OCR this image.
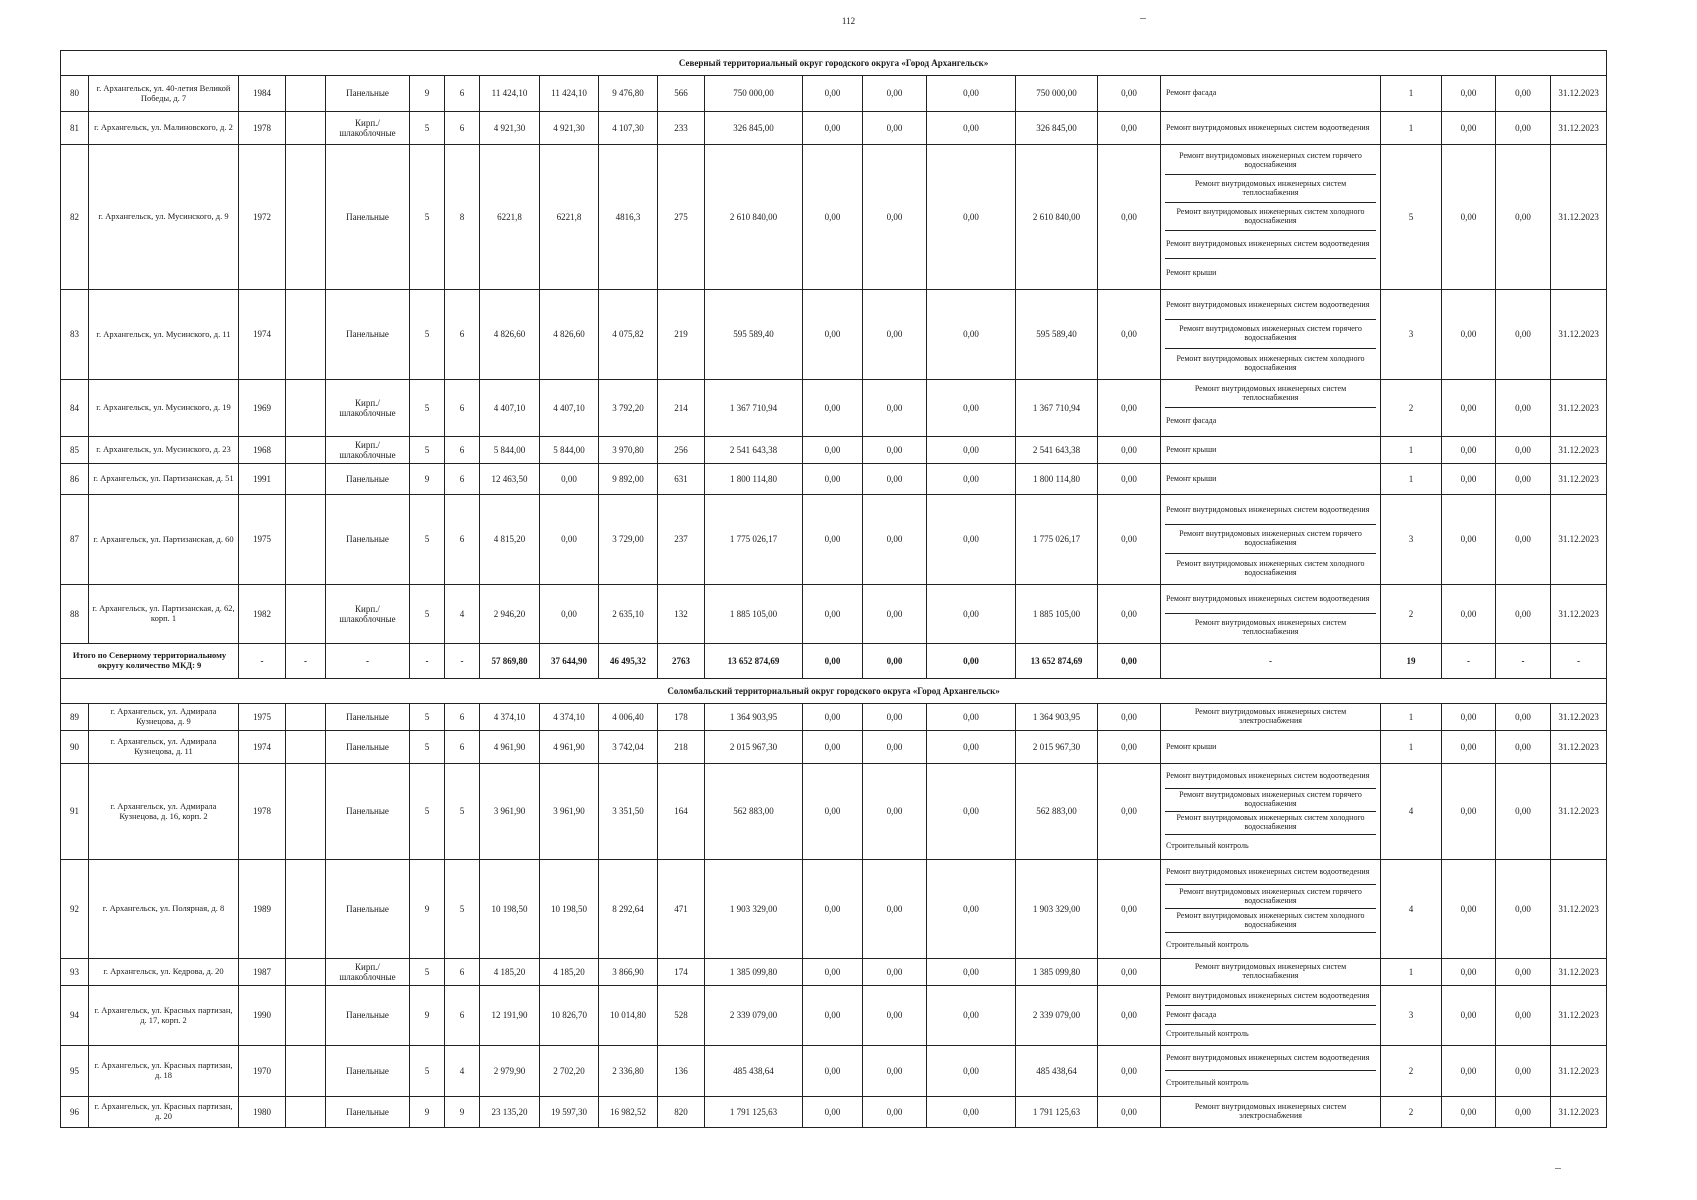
112
Северный территориальный округ городского округа «Город Архангельск»																					
80	г. Архангельск, ул. 40-летия Великой Победы, д. 7	1984		Панельные	9	6	11 424,10	11 424,10	9 476,80	566	750 000,00	0,00	0,00	0,00	750 000,00	0,00	Ремонт фасада	1	0,00	0,00	31.12.2023
81	г. Архангельск, ул. Малиновского, д. 2	1978		Кирп./ шлакоблочные	5	6	4 921,30	4 921,30	4 107,30	233	326 845,00	0,00	0,00	0,00	326 845,00	0,00	Ремонт внутридомовых инженерных систем водоотведения	1	0,00	0,00	31.12.2023
82	г. Архангельск, ул. Мусинского, д. 9	1972		Панельные	5	8	6221,8	6221,8	4816,3	275	2 610 840,00	0,00	0,00	0,00	2 610 840,00	0,00	Ремонт внутридомовых инженерных систем горячего водоснабжения
Ремонт внутридомовых инженерных систем теплоснабжения
Ремонт внутридомовых инженерных систем холодного водоснабжения
Ремонт внутридомовых инженерных систем водоотведения
Ремонт крыши	5	0,00	0,00	31.12.2023
83	г. Архангельск, ул. Мусинского, д. 11	1974		Панельные	5	6	4 826,60	4 826,60	4 075,82	219	595 589,40	0,00	0,00	0,00	595 589,40	0,00	Ремонт внутридомовых инженерных систем водоотведения
Ремонт внутридомовых инженерных систем горячего водоснабжения
Ремонт внутридомовых инженерных систем холодного водоснабжения	3	0,00	0,00	31.12.2023
84	г. Архангельск, ул. Мусинского, д. 19	1969		Кирп./ шлакоблочные	5	6	4 407,10	4 407,10	3 792,20	214	1 367 710,94	0,00	0,00	0,00	1 367 710,94	0,00	Ремонт внутридомовых инженерных систем теплоснабжения
Ремонт фасада	2	0,00	0,00	31.12.2023
85	г. Архангельск, ул. Мусинского, д. 23	1968		Кирп./ шлакоблочные	5	6	5 844,00	5 844,00	3 970,80	256	2 541 643,38	0,00	0,00	0,00	2 541 643,38	0,00	Ремонт крыши	1	0,00	0,00	31.12.2023
86	г. Архангельск, ул. Партизанская, д. 51	1991		Панельные	9	6	12 463,50	0,00	9 892,00	631	1 800 114,80	0,00	0,00	0,00	1 800 114,80	0,00	Ремонт крыши	1	0,00	0,00	31.12.2023
87	г. Архангельск, ул. Партизанская, д. 60	1975		Панельные	5	6	4 815,20	0,00	3 729,00	237	1 775 026,17	0,00	0,00	0,00	1 775 026,17	0,00	Ремонт внутридомовых инженерных систем водоотведения
Ремонт внутридомовых инженерных систем горячего водоснабжения
Ремонт внутридомовых инженерных систем холодного водоснабжения	3	0,00	0,00	31.12.2023
88	г. Архангельск, ул. Партизанская, д. 62, корп. 1	1982		Кирп./ шлакоблочные	5	4	2 946,20	0,00	2 635,10	132	1 885 105,00	0,00	0,00	0,00	1 885 105,00	0,00	Ремонт внутридомовых инженерных систем водоотведения
Ремонт внутридомовых инженерных систем теплоснабжения	2	0,00	0,00	31.12.2023
Итого по Северному территориальному округу количество МКД: 9		-	-	-	-	-	57 869,80	37 644,90	46 495,32	2763	13 652 874,69	0,00	0,00	0,00	13 652 874,69	0,00	-	19	-	-	-
Соломбальский территориальный округ городского округа «Город Архангельск»																					
89	г. Архангельск, ул. Адмирала Кузнецова, д. 9	1975		Панельные	5	6	4 374,10	4 374,10	4 006,40	178	1 364 903,95	0,00	0,00	0,00	1 364 903,95	0,00	Ремонт внутридомовых инженерных систем электроснабжения	1	0,00	0,00	31.12.2023
90	г. Архангельск, ул. Адмирала Кузнецова, д. 11	1974		Панельные	5	6	4 961,90	4 961,90	3 742,04	218	2 015 967,30	0,00	0,00	0,00	2 015 967,30	0,00	Ремонт крыши	1	0,00	0,00	31.12.2023
91	г. Архангельск, ул. Адмирала Кузнецова, д. 16, корп. 2	1978		Панельные	5	5	3 961,90	3 961,90	3 351,50	164	562 883,00	0,00	0,00	0,00	562 883,00	0,00	Ремонт внутридомовых инженерных систем водоотведения
Ремонт внутридомовых инженерных систем горячего водоснабжения
Ремонт внутридомовых инженерных систем холодного водоснабжения
Строительный контроль	4	0,00	0,00	31.12.2023
92	г. Архангельск, ул. Полярная, д. 8	1989		Панельные	9	5	10 198,50	10 198,50	8 292,64	471	1 903 329,00	0,00	0,00	0,00	1 903 329,00	0,00	Ремонт внутридомовых инженерных систем водоотведения
Ремонт внутридомовых инженерных систем горячего водоснабжения
Ремонт внутридомовых инженерных систем холодного водоснабжения
Строительный контроль	4	0,00	0,00	31.12.2023
93	г. Архангельск, ул. Кедрова, д. 20	1987		Кирп./ шлакоблочные	5	6	4 185,20	4 185,20	3 866,90	174	1 385 099,80	0,00	0,00	0,00	1 385 099,80	0,00	Ремонт внутридомовых инженерных систем теплоснабжения	1	0,00	0,00	31.12.2023
94	г. Архангельск, ул. Красных партизан, д. 17, корп. 2	1990		Панельные	9	6	12 191,90	10 826,70	10 014,80	528	2 339 079,00	0,00	0,00	0,00	2 339 079,00	0,00	Ремонт внутридомовых инженерных систем водоотведения
Ремонт фасада
Строительный контроль	3	0,00	0,00	31.12.2023
95	г. Архангельск, ул. Красных партизан, д. 18	1970		Панельные	5	4	2 979,90	2 702,20	2 336,80	136	485 438,64	0,00	0,00	0,00	485 438,64	0,00	Ремонт внутридомовых инженерных систем водоотведения
Строительный контроль	2	0,00	0,00	31.12.2023
96	г. Архангельск, ул. Красных партизан, д. 20	1980		Панельные	9	9	23 135,20	19 597,30	16 982,52	820	1 791 125,63	0,00	0,00	0,00	1 791 125,63	0,00	Ремонт внутридомовых инженерных систем электроснабжения	2	0,00	0,00	31.12.2023
